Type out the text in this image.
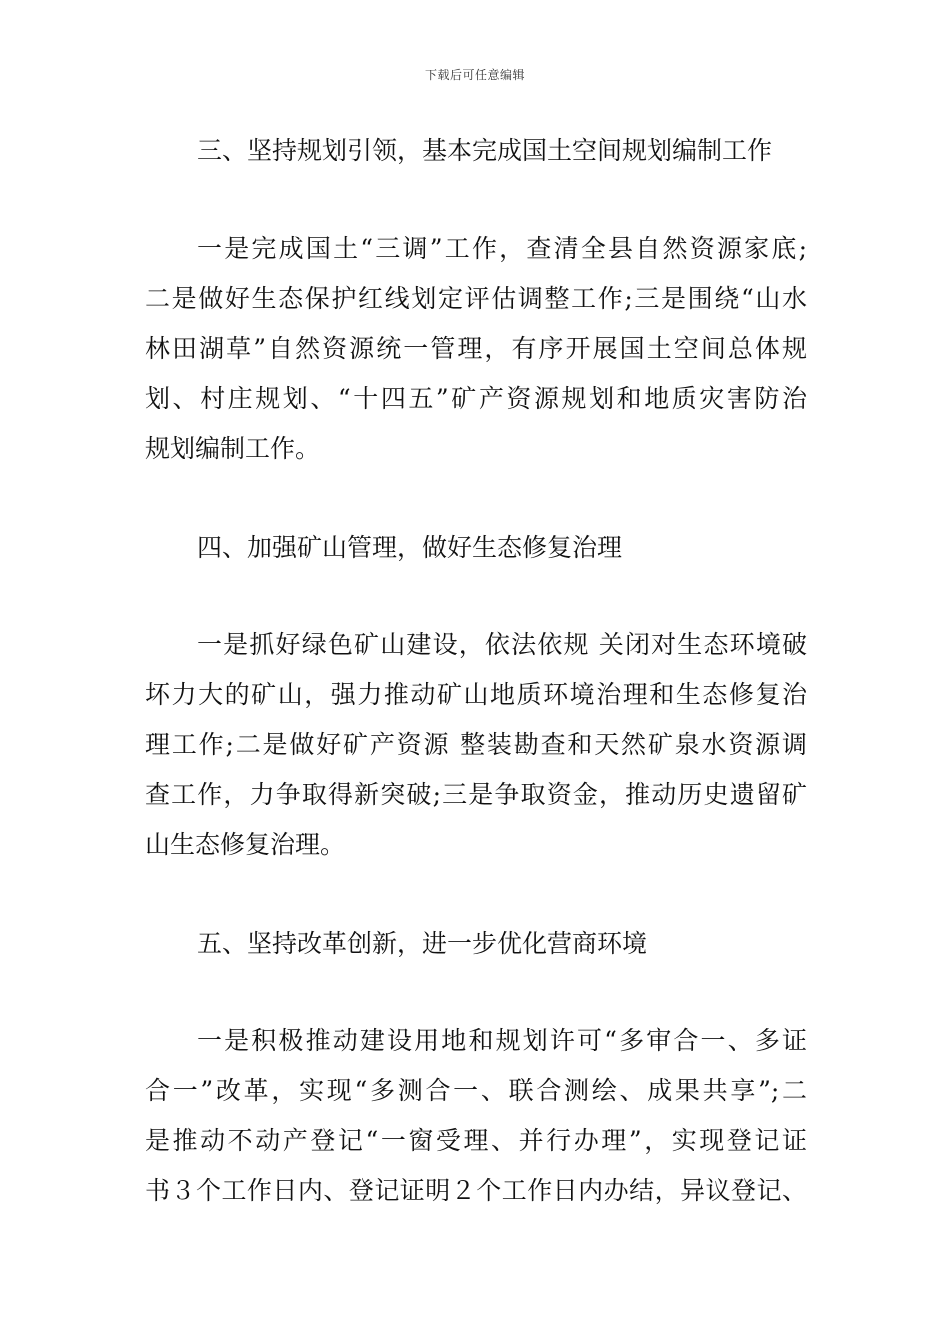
下载后可任意编辑
三、坚持规划引领，基本完成国土空间规划编制工作
一是完成国土“三调”工作，查清全县自然资源家底;
二是做好生态保护红线划定评估调整工作;三是围绕“山水
林田湖草”自然资源统一管理，有序开展国土空间总体规
划、村庄规划、“十四五”矿产资源规划和地质灾害防治
规划编制工作。
四、加强矿山管理，做好生态修复治理
一是抓好绿色矿山建设，依法依规 关闭对生态环境破
坏力大的矿山，强力推动矿山地质环境治理和生态修复治
理工作;二是做好矿产资源 整装勘查和天然矿泉水资源调
查工作，力争取得新突破;三是争取资金，推动历史遗留矿
山生态修复治理。
五、坚持改革创新，进一步优化营商环境
一是积极推动建设用地和规划许可“多审合一、多证
合一”改革，实现“多测合一、联合测绘、成果共享”;二
是推动不动产登记“一窗受理、并行办理”，实现登记证
书３个工作日内、登记证明２个工作日内办结，异议登记、
